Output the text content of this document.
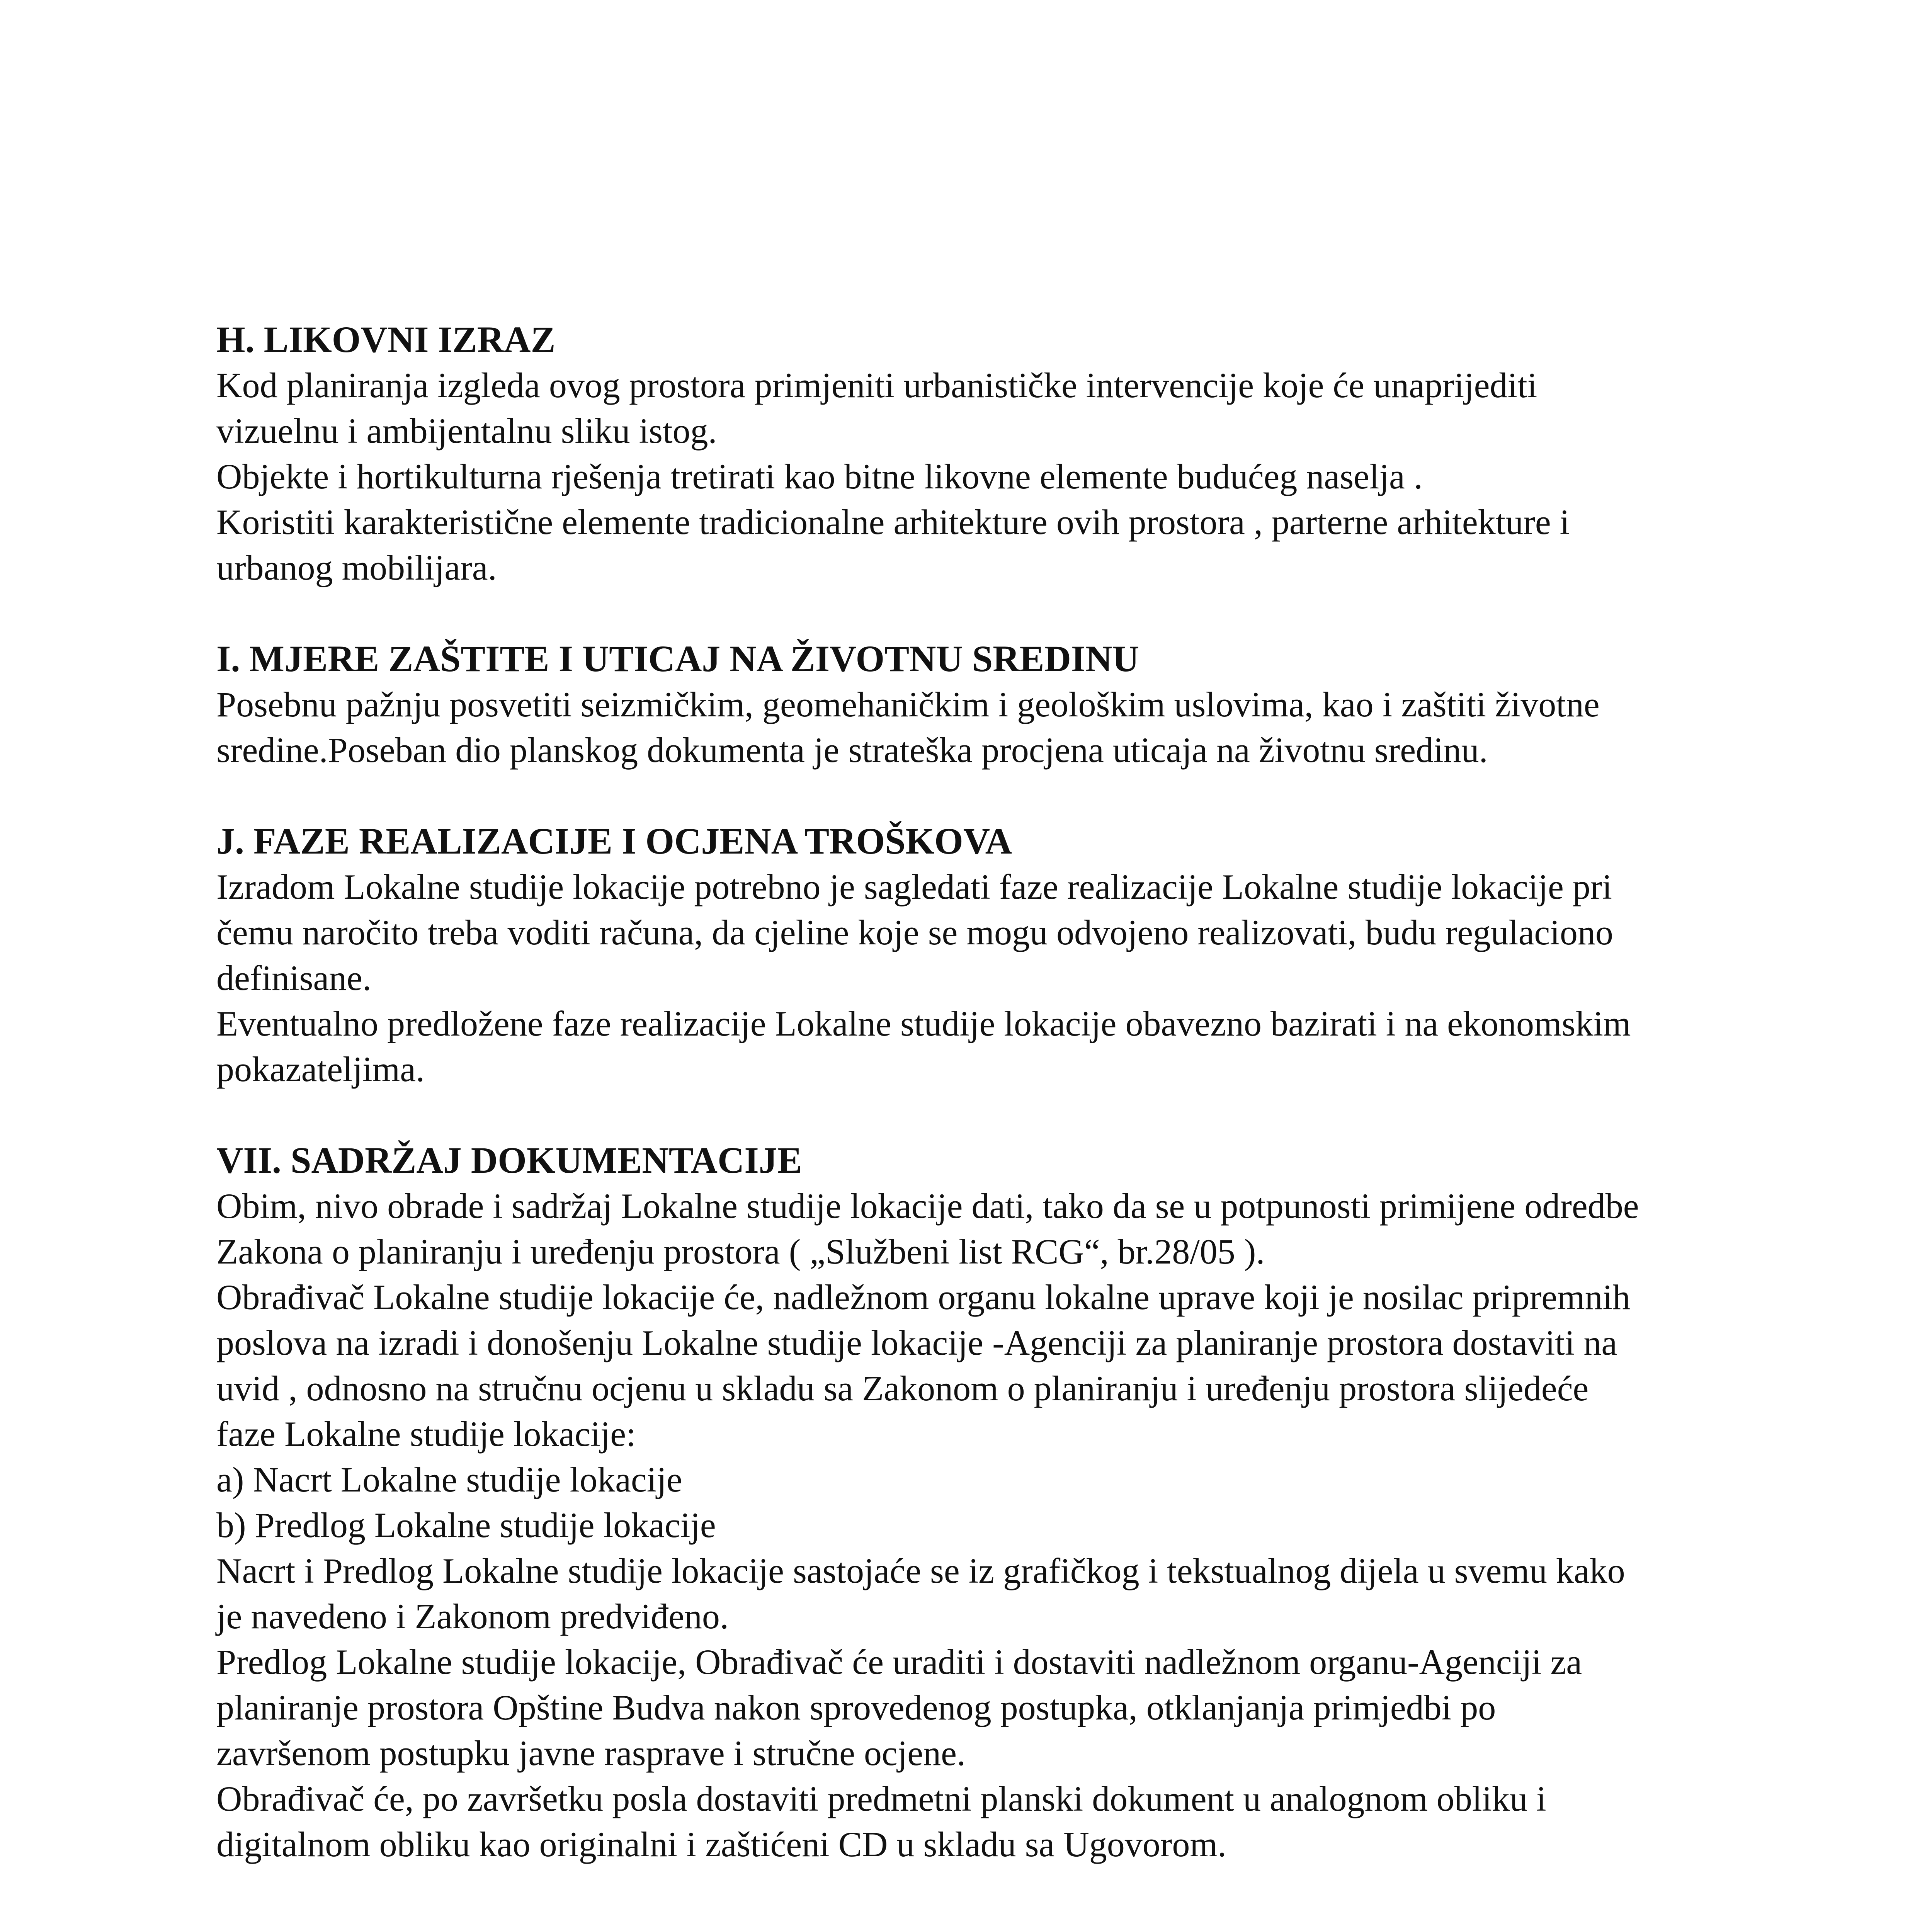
H. LIKOVNI IZRAZ

Kod planiranja izgleda ovog prostora primjeniti urbanističke intervencije koje će unaprijediti vizuelnu i ambijentalnu sliku istog.

Objekte i hortikulturna rješenja tretirati kao bitne likovne elemente budućeg naselja .

Koristiti karakteristične elemente tradicionalne arhitekture ovih prostora , parterne arhitekture i urbanog mobilijara.

I. MJERE ZAŠTITE I UTICAJ NA ŽIVOTNU SREDINU

Posebnu pažnju posvetiti seizmičkim, geomehaničkim i geološkim uslovima, kao i zaštiti životne sredine.Poseban dio planskog dokumenta je strateška procjena uticaja na životnu sredinu.

J. FAZE REALIZACIJE I OCJENA TROŠKOVA

Izradom Lokalne studije lokacije potrebno je sagledati faze realizacije Lokalne studije lokacije pri čemu naročito treba voditi računa, da cjeline koje se mogu odvojeno realizovati, budu regulaciono definisane.

Eventualno predložene faze realizacije Lokalne studije lokacije obavezno bazirati i na ekonomskim pokazateljima.

VII. SADRŽAJ DOKUMENTACIJE

Obim, nivo obrade i sadržaj Lokalne studije lokacije dati, tako da se u potpunosti primijene odredbe Zakona o planiranju i uređenju prostora ( „Službeni list RCG“, br.28/05 ).

Obrađivač Lokalne studije lokacije će, nadležnom organu lokalne uprave koji je nosilac pripremnih poslova na izradi i donošenju Lokalne studije lokacije -Agenciji za planiranje prostora dostaviti na uvid , odnosno na stručnu ocjenu u skladu sa Zakonom o planiranju i uređenju prostora slijedeće faze Lokalne studije lokacije:

a) Nacrt Lokalne studije lokacije

b) Predlog Lokalne studije lokacije

Nacrt i Predlog Lokalne studije lokacije sastojaće se iz grafičkog i tekstualnog dijela u svemu kako je navedeno i Zakonom predviđeno.

Predlog Lokalne studije lokacije, Obrađivač će uraditi i dostaviti nadležnom organu-Agenciji za planiranje prostora Opštine Budva nakon sprovedenog postupka, otklanjanja primjedbi po završenom postupku javne rasprave i stručne ocjene.

Obrađivač će, po završetku posla dostaviti predmetni planski dokument u analognom obliku i digitalnom obliku kao originalni i zaštićeni CD u skladu sa Ugovorom.
